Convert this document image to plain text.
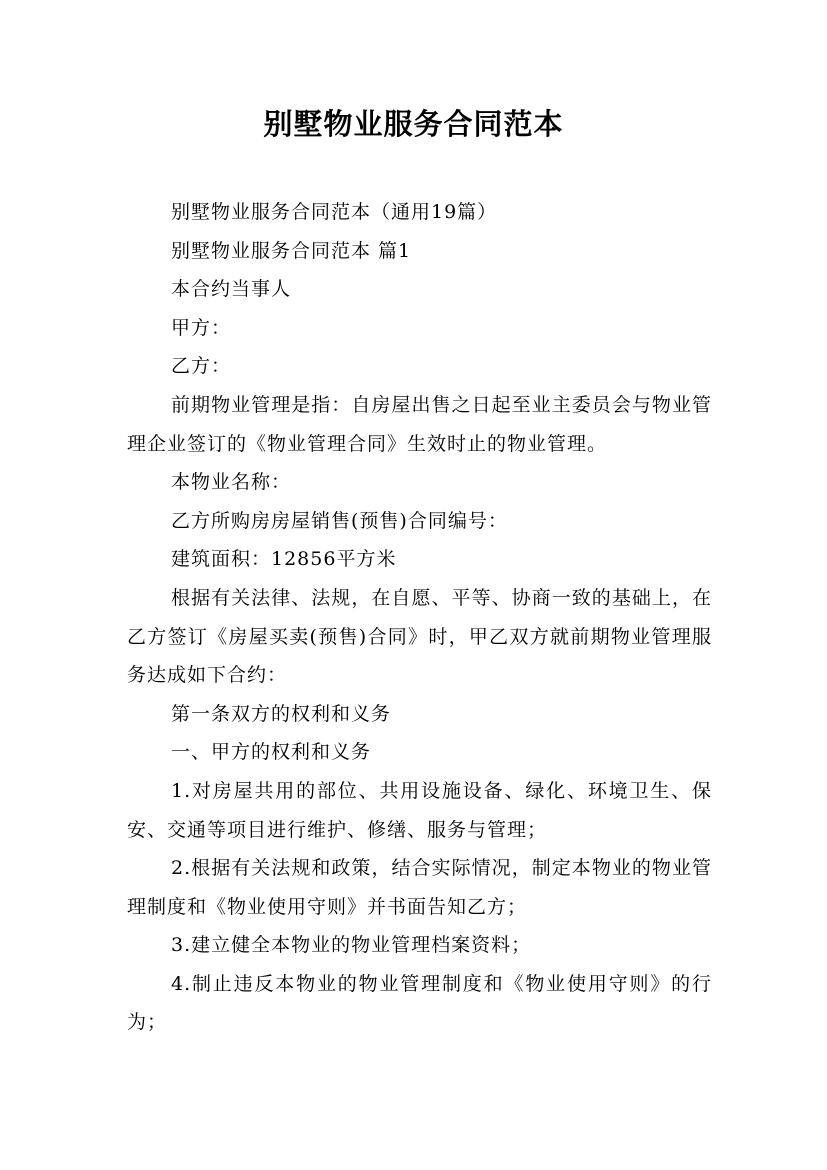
别墅物业服务合同范本

别墅物业服务合同范本（通用19篇）

别墅物业服务合同范本 篇1

本合约当事人

甲方：

乙方：

前期物业管理是指：自房屋出售之日起至业主委员会与物业管理企业签订的《物业管理合同》生效时止的物业管理。

本物业名称：

乙方所购房房屋销售(预售)合同编号：

建筑面积：12856平方米

根据有关法律、法规，在自愿、平等、协商一致的基础上，在乙方签订《房屋买卖(预售)合同》时，甲乙双方就前期物业管理服务达成如下合约：

第一条双方的权利和义务

一、甲方的权利和义务

1.对房屋共用的部位、共用设施设备、绿化、环境卫生、保安、交通等项目进行维护、修缮、服务与管理；

2.根据有关法规和政策，结合实际情况，制定本物业的物业管理制度和《物业使用守则》并书面告知乙方；

3.建立健全本物业的物业管理档案资料；

4.制止违反本物业的物业管理制度和《物业使用守则》的行为；
